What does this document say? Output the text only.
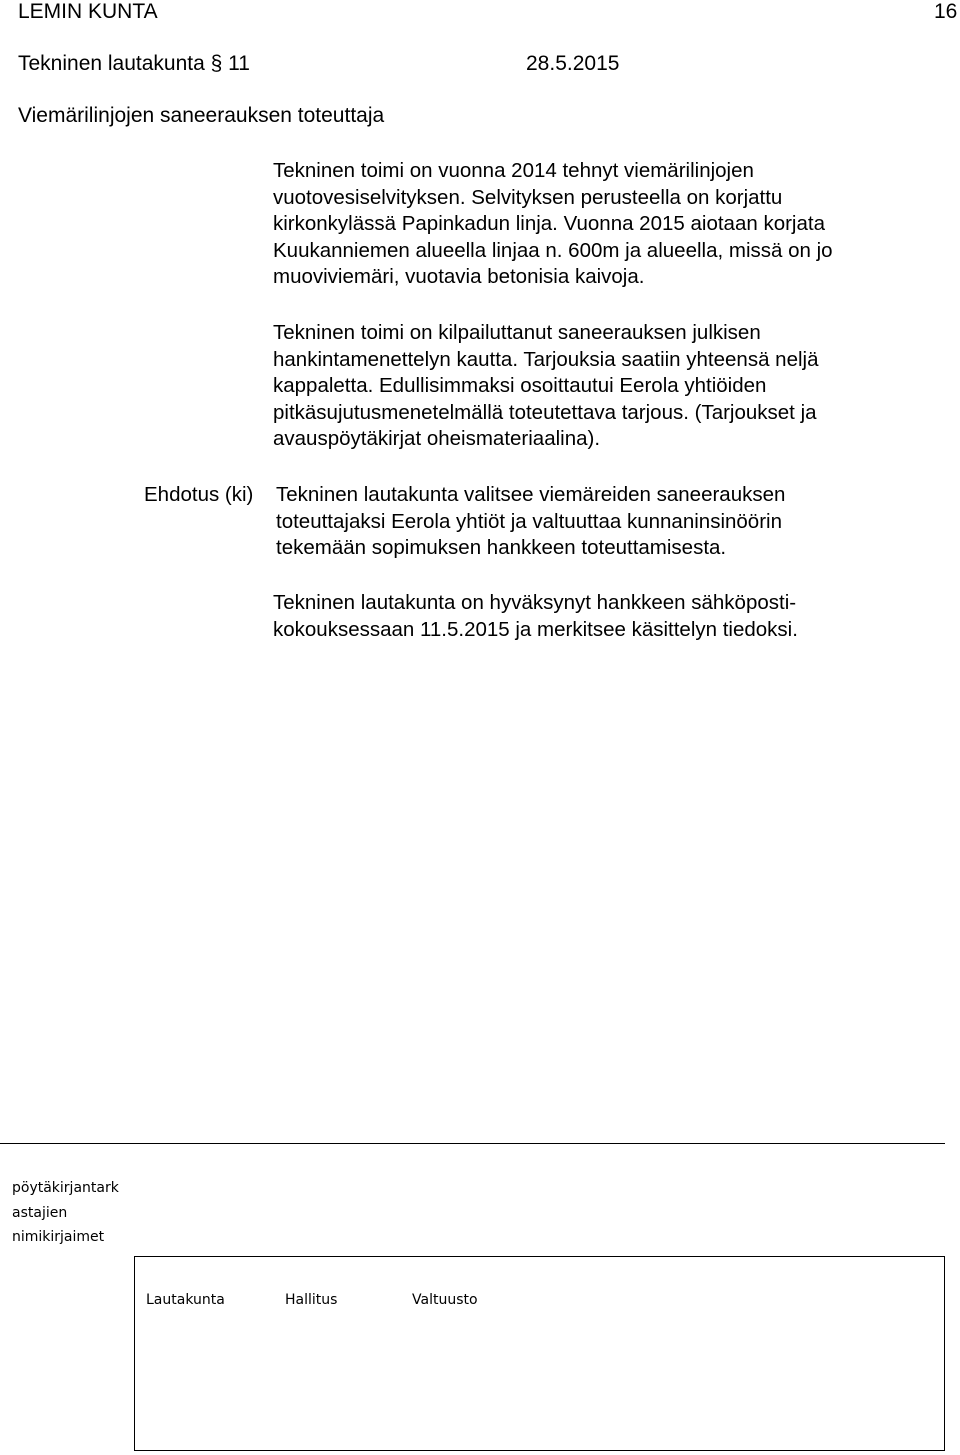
LEMIN KUNTA	16
Tekninen lautakunta § 11	28.5.2015
Viemärilinjojen saneerauksen toteuttaja
Tekninen toimi on vuonna 2014 tehnyt viemärilinjojen
vuotovesiselvityksen. Selvityksen perusteella on korjattu
kirkonkylässä Papinkadun linja. Vuonna 2015 aiotaan korjata
Kuukanniemen alueella linjaa n. 600m ja alueella, missä on jo
muoviviemäri, vuotavia betonisia kaivoja.
Tekninen toimi on kilpailuttanut saneerauksen julkisen
hankintamenettelyn kautta. Tarjouksia saatiin yhteensä neljä
kappaletta. Edullisimmaksi osoittautui Eerola yhtiöiden
pitkäsujutusmenetelmällä toteutettava tarjous. (Tarjoukset ja
avauspöytäkirjat oheismateriaalina).
Ehdotus (ki) Tekninen lautakunta valitsee viemäreiden saneerauksen
toteuttajaksi Eerola yhtiöt ja valtuuttaa kunnaninsinöörin
tekemään sopimuksen hankkeen toteuttamisesta.
Tekninen lautakunta on hyväksynyt hankkeen sähköposti-
kokouksessaan 11.5.2015 ja merkitsee käsittelyn tiedoksi.
pöytäkirjantark
astajien
nimikirjaimet
Lautakunta	Hallitus	Valtuusto
